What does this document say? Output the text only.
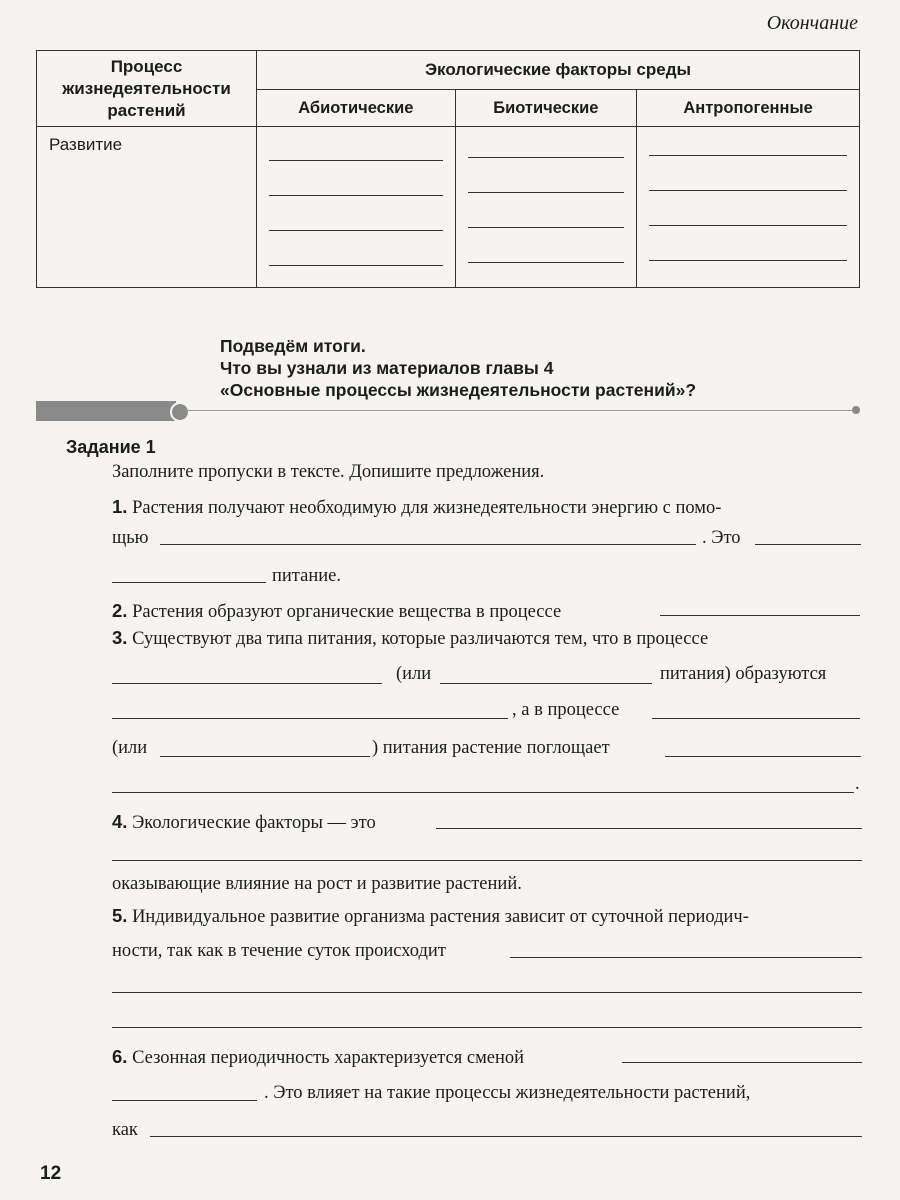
Окончание
Процесс жизнедеятельности растений	Экологические факторы среды		
	Абиотические	Биотические	Антропогенные
Развитие	

Подведём итоги.
Что вы узнали из материалов главы 4
«Основные процессы жизнедеятельности растений»?
Задание 1
Заполните пропуски в тексте. Допишите предложения.
1. Растения получают необходимую для жизнедеятельности энергию с помо-
щью	. Это
питание.
2. Растения образуют органические вещества в процессе
3. Существуют два типа питания, которые различаются тем, что в процессе
(или	питания) образуются
, а в процессе
(или	) питания растение поглощает
.
4. Экологические факторы — это
оказывающие влияние на рост и развитие растений.
5. Индивидуальное развитие организма растения зависит от суточной периодич-
ности, так как в течение суток происходит
6. Сезонная периодичность характеризуется сменой
. Это влияет на такие процессы жизнедеятельности растений,
как
12
